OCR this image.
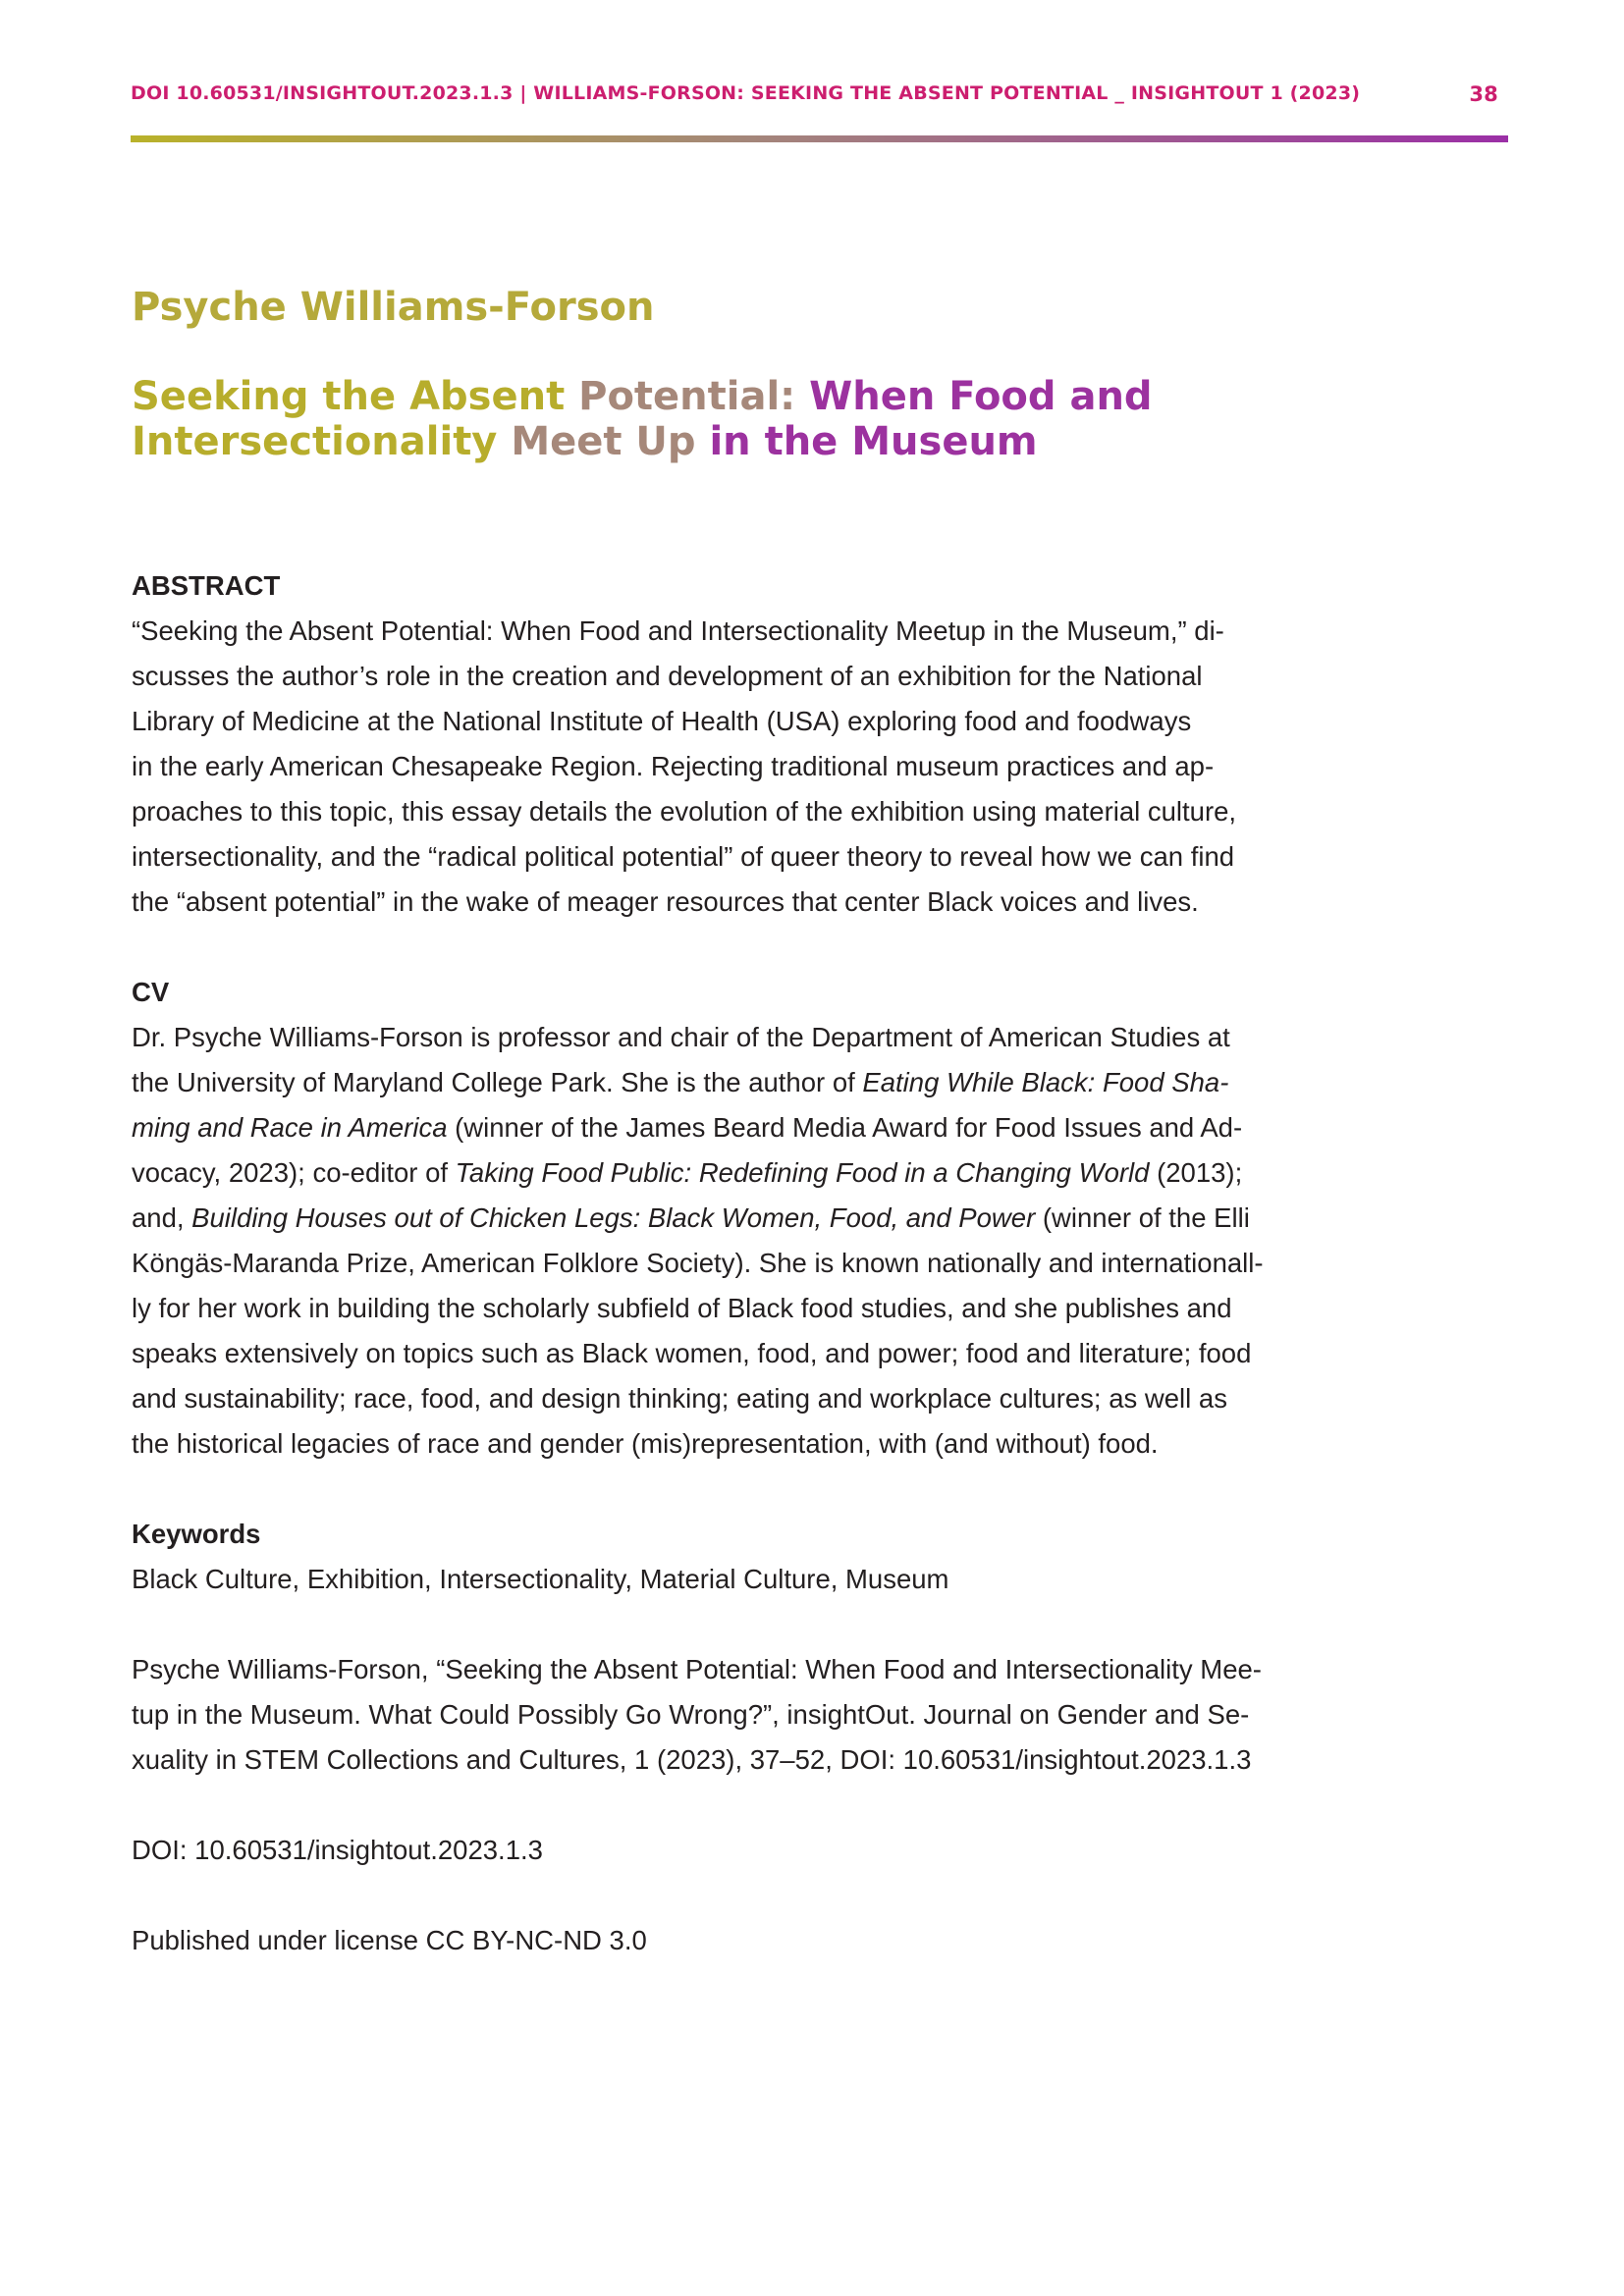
DOI 10.60531/INSIGHTOUT.2023.1.3 | WILLIAMS-FORSON: SEEKING THE ABSENT POTENTIAL _ INSIGHTOUT 1 (2023)	38
Psyche Williams-Forson
Seeking the Absent Potential: When Food and
Intersectionality Meet Up in the Museum
ABSTRACT

“Seeking the Absent Potential: When Food and Intersectionality Meetup in the Museum,” di-
scusses the author’s role in the creation and development of an exhibition for the National
Library of Medicine at the National Institute of Health (USA) exploring food and foodways
in the early American Chesapeake Region. Rejecting traditional museum practices and ap-
proaches to this topic, this essay details the evolution of the exhibition using material culture,
intersectionality, and the “radical political potential” of queer theory to reveal how we can find
the “absent potential” in the wake of meager resources that center Black voices and lives.

CV

Dr. Psyche Williams-Forson is professor and chair of the Department of American Studies at
the University of Maryland College Park. She is the author of Eating While Black: Food Sha-
ming and Race in America (winner of the James Beard Media Award for Food Issues and Ad-
vocacy, 2023); co-editor of Taking Food Public: Redefining Food in a Changing World (2013);
and, Building Houses out of Chicken Legs: Black Women, Food, and Power (winner of the Elli
Köngäs-Maranda Prize, American Folklore Society). She is known nationally and internationall-
ly for her work in building the scholarly subfield of Black food studies, and she publishes and
speaks extensively on topics such as Black women, food, and power; food and literature; food
and sustainability; race, food, and design thinking; eating and workplace cultures; as well as
the historical legacies of race and gender (mis)representation, with (and without) food.

Keywords

Black Culture, Exhibition, Intersectionality, Material Culture, Museum

Psyche Williams-Forson, “Seeking the Absent Potential: When Food and Intersectionality Mee-
tup in the Museum. What Could Possibly Go Wrong?”, insightOut. Journal on Gender and Se-
xuality in STEM Collections and Cultures, 1 (2023), 37–52, DOI: 10.60531/insightout.2023.1.3

DOI: 10.60531/insightout.2023.1.3

Published under license CC BY-NC-ND 3.0
